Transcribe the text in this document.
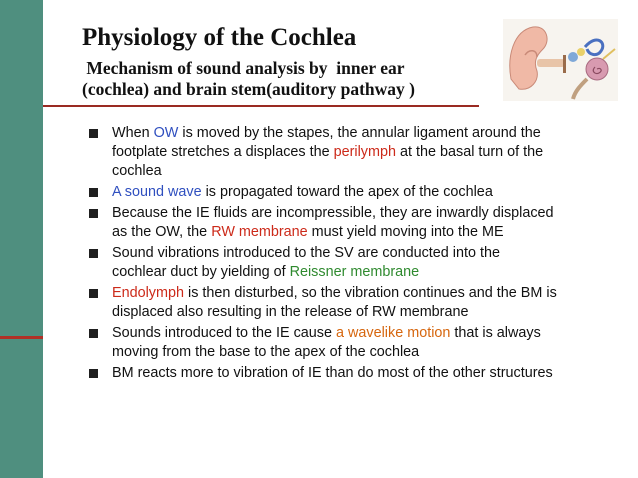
Physiology of the Cochlea
Mechanism of sound analysis by  inner ear
(cochlea) and brain stem(auditory pathway )
When OW is moved by the stapes, the annular ligament around the footplate stretches a displaces the perilymph at the basal turn of the cochlea
A sound wave is propagated toward the apex of the cochlea
Because the IE fluids are incompressible, they are inwardly displaced as the OW, the RW membrane must yield moving into the ME
Sound vibrations introduced to the SV are conducted into the cochlear duct by yielding of Reissner membrane
Endolymph is then disturbed, so the vibration continues and the BM is displaced also resulting in the release of RW membrane
Sounds introduced to the IE cause a wavelike motion that is always moving from the base to the apex of the cochlea
BM reacts more to vibration of IE than do most of the other structures
